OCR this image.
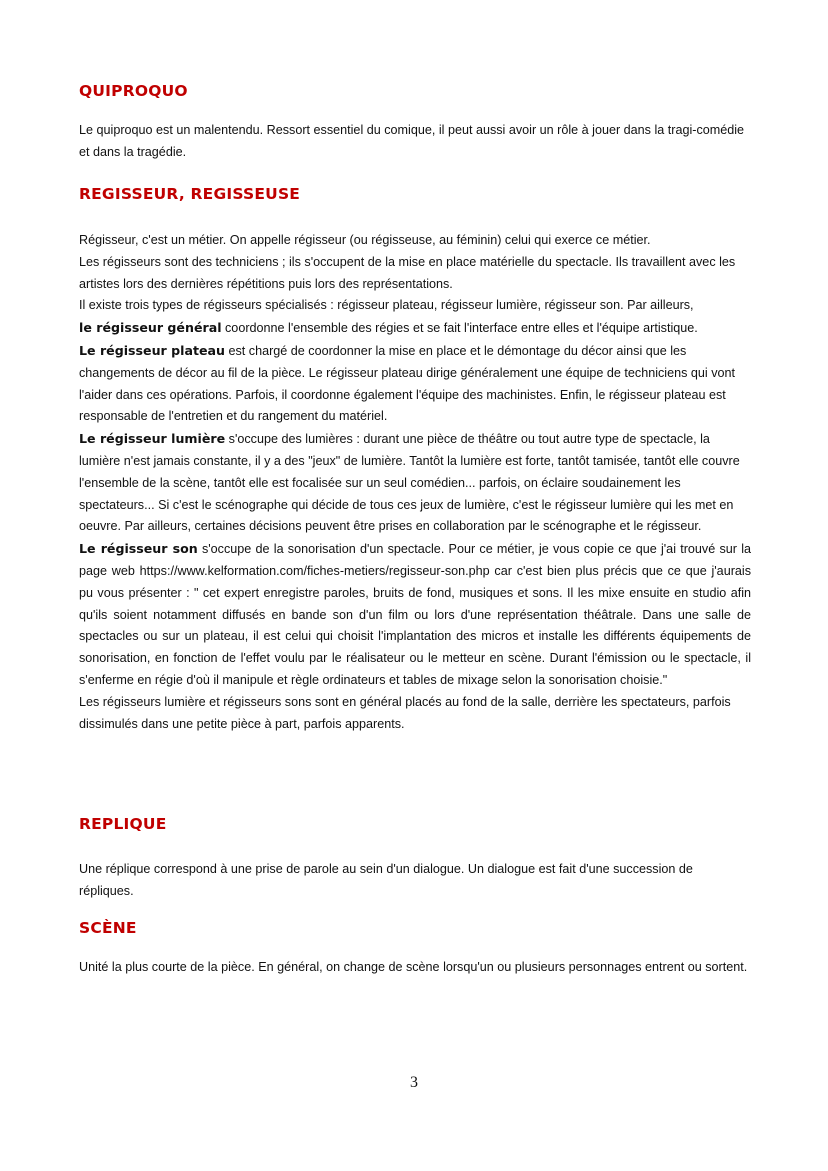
QUIPROQUO

Le quiproquo est un malentendu. Ressort essentiel du comique, il peut aussi avoir un rôle à jouer dans la tragi-comédie et dans la tragédie.

REGISSEUR, REGISSEUSE

Régisseur, c'est un métier. On appelle régisseur (ou régisseuse, au féminin) celui qui exerce ce métier.

Les régisseurs sont des techniciens ; ils s'occupent de la mise en place matérielle du spectacle. Ils travaillent avec les artistes lors des dernières répétitions puis lors des représentations.

Il existe trois types de régisseurs spécialisés : régisseur plateau, régisseur lumière, régisseur son. Par ailleurs,
le régisseur général coordonne l'ensemble des régies et se fait l'interface entre elles et l'équipe artistique.

Le régisseur plateau est chargé de coordonner la mise en place et le démontage du décor ainsi que les changements de décor au fil de la pièce. Le régisseur plateau dirige généralement une équipe de techniciens qui vont l'aider dans ces opérations. Parfois, il coordonne également l'équipe des machinistes. Enfin, le régisseur plateau est responsable de l'entretien et du rangement du matériel.

Le régisseur lumière s'occupe des lumières : durant une pièce de théâtre ou tout autre type de spectacle, la lumière n'est jamais constante, il y a des "jeux" de lumière. Tantôt la lumière est forte, tantôt tamisée, tantôt elle couvre l'ensemble de la scène, tantôt elle est focalisée sur un seul comédien... parfois, on éclaire soudainement les spectateurs... Si c'est le scénographe qui décide de tous ces jeux de lumière, c'est le régisseur lumière qui les met en oeuvre. Par ailleurs, certaines décisions peuvent être prises en collaboration par le scénographe et le régisseur.

Le régisseur son s'occupe de la sonorisation d'un spectacle. Pour ce métier, je vous copie ce que j'ai trouvé sur la page web https://www.kelformation.com/fiches-metiers/regisseur-son.php car c'est bien plus précis que ce que j'aurais pu vous présenter : " cet expert enregistre paroles, bruits de fond, musiques et sons. Il les mixe ensuite en studio afin qu'ils soient notamment diffusés en bande son d'un film ou lors d'une représentation théâtrale. Dans une salle de spectacles ou sur un plateau, il est celui qui choisit l'implantation des micros et installe les différents équipements de sonorisation, en fonction de l'effet voulu par le réalisateur ou le metteur en scène. Durant l'émission ou le spectacle, il s'enferme en régie d'où il manipule et règle ordinateurs et tables de mixage selon la sonorisation choisie."

Les régisseurs lumière et régisseurs sons sont en général placés au fond de la salle, derrière les spectateurs, parfois dissimulés dans une petite pièce à part, parfois apparents.

REPLIQUE

Une réplique correspond à une prise de parole au sein d'un dialogue. Un dialogue est fait d'une succession de répliques.

SCÈNE

Unité la plus courte de la pièce. En général, on change de scène lorsqu'un ou plusieurs personnages entrent ou sortent.

3
